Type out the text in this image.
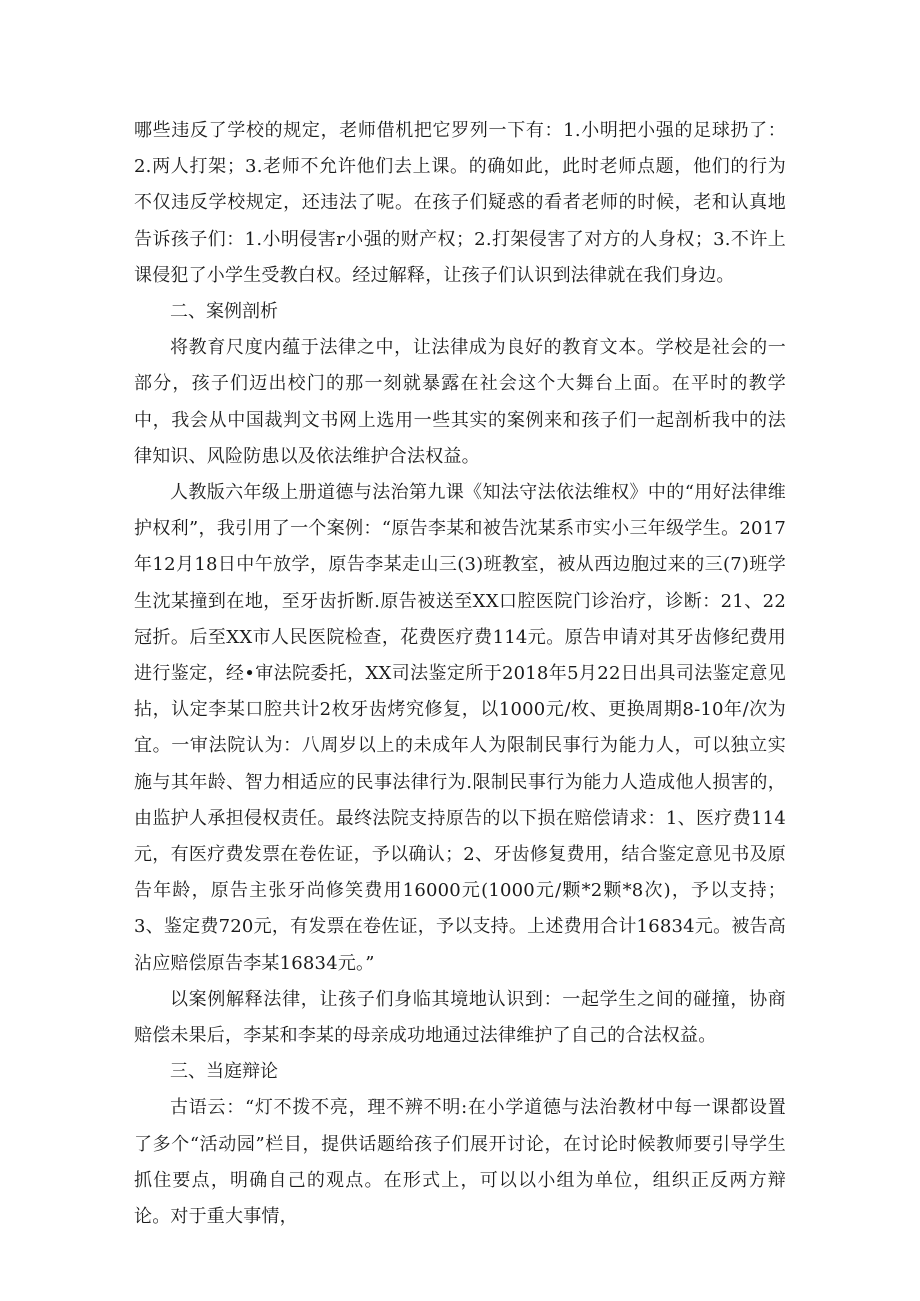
哪些违反了学校的规定，老师借机把它罗列一下有：1.小明把小强的足球扔了：2.两人打架；3.老师不允许他们去上课。的确如此，此时老师点题，他们的行为不仅违反学校规定，还违法了呢。在孩子们疑惑的看者老师的时候，老和认真地告诉孩子们：1.小明侵害r小强的财产权；2.打架侵害了对方的人身权；3.不许上课侵犯了小学生受教白权。经过解释，让孩子们认识到法律就在我们身边。

二、案例剖析

将教育尺度内蕴于法律之中，让法律成为良好的教育文本。学校是社会的一部分，孩子们迈出校门的那一刻就暴露在社会这个大舞台上面。在平时的教学中，我会从中国裁判文书网上选用一些其实的案例来和孩子们一起剖析我中的法律知识、风险防患以及依法维护合法权益。

人教版六年级上册道德与法治第九课《知法守法依法维权》中的“用好法律维护权利”，我引用了一个案例：“原告李某和被告沈某系市实小三年级学生。2017年12月18日中午放学，原告李某走山三(3)班教室，被从西边胞过来的三(7)班学生沈某撞到在地，至牙齿折断.原告被送至XX口腔医院门诊治疗，诊断：21、22冠折。后至XX市人民医院检查，花费医疗费114元。原告申请对其牙齿修纪费用进行鉴定，经•审法院委托，XX司法鉴定所于2018年5月22日出具司法鉴定意见拈，认定李某口腔共计2枚牙齿烤究修复，以1000元/枚、更换周期8-10年/次为宜。一审法院认为：八周岁以上的未成年人为限制民事行为能力人，可以独立实施与其年龄、智力相适应的民事法律行为.限制民事行为能力人造成他人损害的，由监护人承担侵权责任。最终法院支持原告的以下损在赔偿请求：1、医疗费114元，有医疗费发票在卷佐证，予以确认；2、牙齿修复费用，结合鉴定意见书及原告年龄，原告主张牙尚修笑费用16000元(1000元/颗*2颗*8次)，予以支持；3、鉴定费720元，有发票在卷佐证，予以支持。上述费用合计16834元。被告高沾应赔偿原告李某16834元。”

以案例解释法律，让孩子们身临其境地认识到：一起学生之间的碰撞，协商赔偿未果后，李某和李某的母亲成功地通过法律维护了自己的合法权益。

三、当庭辩论

古语云：“灯不拨不亮，理不辨不明:在小学道德与法治教材中每一课都设置了多个“活动园”栏目，提供话题给孩子们展开讨论，在讨论时候教师要引导学生抓住要点，明确自己的观点。在形式上，可以以小组为单位，组织正反两方辩论。对于重大事情，
